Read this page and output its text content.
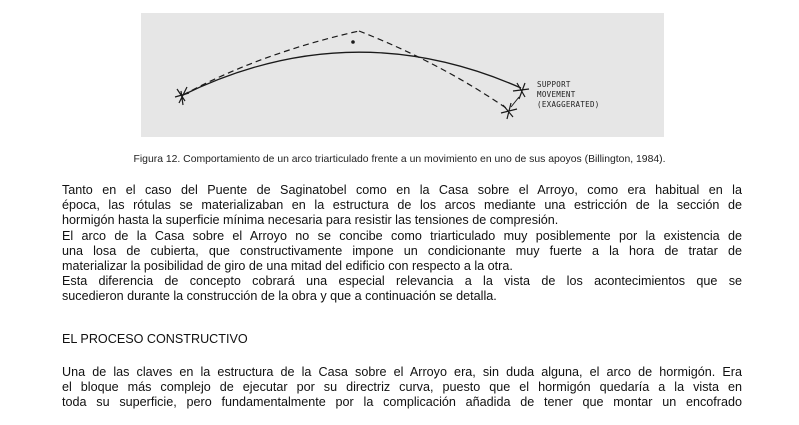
SUPPORT
MOVEMENT
(EXAGGERATED)
Figura 12. Comportamiento de un arco triarticulado frente a un movimiento en uno de sus apoyos (Billington, 1984).
Tanto en el caso del Puente de Saginatobel como en la Casa sobre el Arroyo, como era habitual en la
época, las rótulas se materializaban en la estructura de los arcos mediante una estricción de la sección de
hormigón hasta la superficie mínima necesaria para resistir las tensiones de compresión.
El arco de la Casa sobre el Arroyo no se concibe como triarticulado muy posiblemente por la existencia de
una losa de cubierta, que constructivamente impone un condicionante muy fuerte a la hora de tratar de
materializar la posibilidad de giro de una mitad del edificio con respecto a la otra.
Esta diferencia de concepto cobrará una especial relevancia a la vista de los acontecimientos que se
sucedieron durante la construcción de la obra y que a continuación se detalla.
EL PROCESO CONSTRUCTIVO
Una de las claves en la estructura de la Casa sobre el Arroyo era, sin duda alguna, el arco de hormigón. Era
el bloque más complejo de ejecutar por su directriz curva, puesto que el hormigón quedaría a la vista en
toda su superficie, pero fundamentalmente por la complicación añadida de tener que montar un encofrado
